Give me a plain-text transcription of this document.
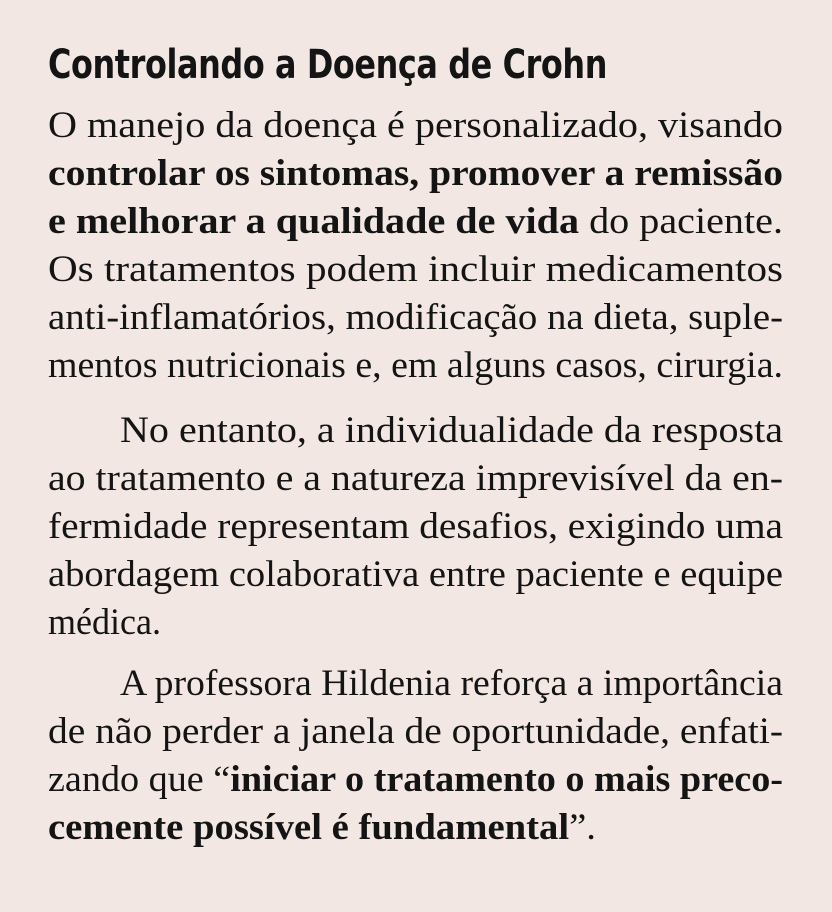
Controlando a Doença de Crohn
O manejo da doença é personalizado, visando
controlar os sintomas, promover a remissão
e melhorar a qualidade de vida do paciente.
Os tratamentos podem incluir medicamentos
anti-inflamatórios, modificação na dieta, suple-
mentos nutricionais e, em alguns casos, cirurgia.
No entanto, a individualidade da resposta
ao tratamento e a natureza imprevisível da en-
fermidade representam desafios, exigindo uma
abordagem colaborativa entre paciente e equipe
médica.
A professora Hildenia reforça a importância
de não perder a janela de oportunidade, enfati-
zando que “iniciar o tratamento o mais preco-
cemente possível é fundamental”.
